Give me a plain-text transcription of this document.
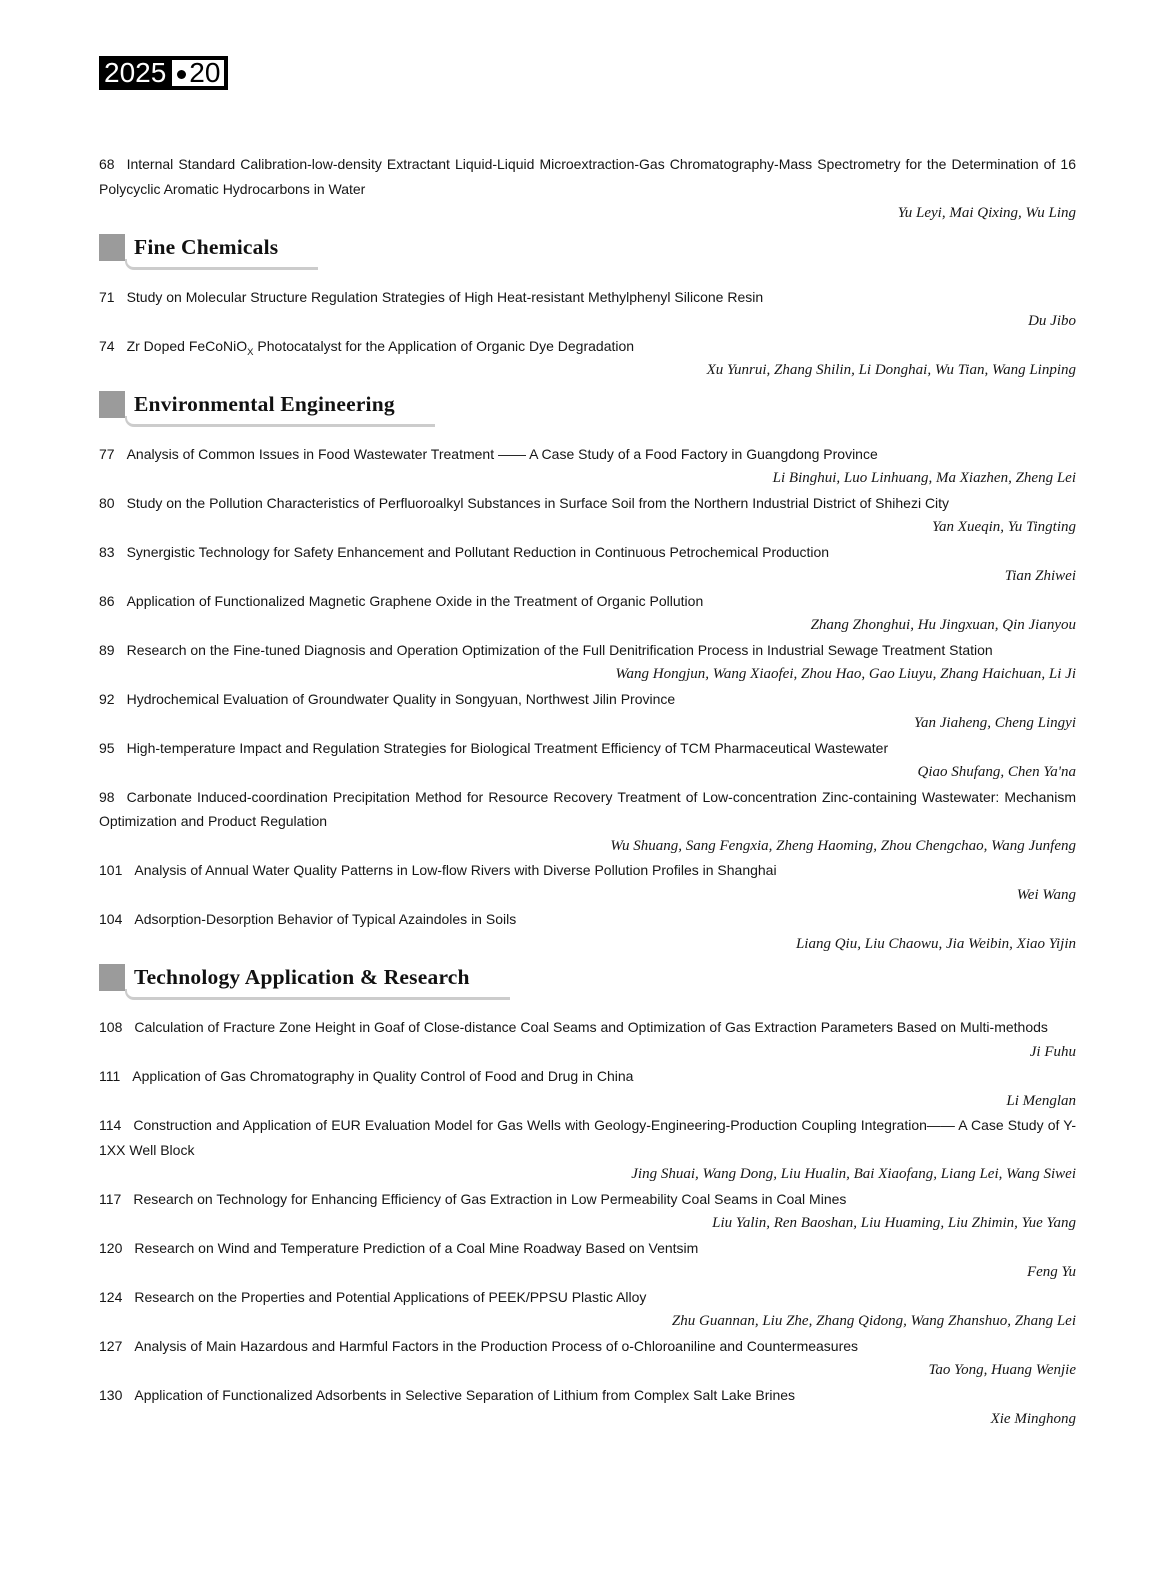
2025 20

68 Internal Standard Calibration-low-density Extractant Liquid-Liquid Microextraction-Gas Chromatography-Mass Spectrometry for the Determination of 16 Polycyclic Aromatic Hydrocarbons in Water

Yu Leyi, Mai Qixing, Wu Ling

Fine Chemicals

71 Study on Molecular Structure Regulation Strategies of High Heat-resistant Methylphenyl Silicone Resin

Du Jibo

74 Zr Doped FeCoNiO$_X$ Photocatalyst for the Application of Organic Dye Degradation

Xu Yunrui, Zhang Shilin, Li Donghai, Wu Tian, Wang Linping

Environmental Engineering

77 Analysis of Common Issues in Food Wastewater Treatment —— A Case Study of a Food Factory in Guangdong Province

Li Binghui, Luo Linhuang, Ma Xiazhen, Zheng Lei

80 Study on the Pollution Characteristics of Perfluoroalkyl Substances in Surface Soil from the Northern Industrial District of Shihezi City

Yan Xueqin, Yu Tingting

83 Synergistic Technology for Safety Enhancement and Pollutant Reduction in Continuous Petrochemical Production

Tian Zhiwei

86 Application of Functionalized Magnetic Graphene Oxide in the Treatment of Organic Pollution

Zhang Zhonghui, Hu Jingxuan, Qin Jianyou

89 Research on the Fine-tuned Diagnosis and Operation Optimization of the Full Denitrification Process in Industrial Sewage Treatment Station

Wang Hongjun, Wang Xiaofei, Zhou Hao, Gao Liuyu, Zhang Haichuan, Li Ji

92 Hydrochemical Evaluation of Groundwater Quality in Songyuan, Northwest Jilin Province

Yan Jiaheng, Cheng Lingyi

95 High-temperature Impact and Regulation Strategies for Biological Treatment Efficiency of TCM Pharmaceutical Wastewater

Qiao Shufang, Chen Ya'na

98 Carbonate Induced-coordination Precipitation Method for Resource Recovery Treatment of Low-concentration Zinc-containing Wastewater: Mechanism Optimization and Product Regulation

Wu Shuang, Sang Fengxia, Zheng Haoming, Zhou Chengchao, Wang Junfeng

101 Analysis of Annual Water Quality Patterns in Low-flow Rivers with Diverse Pollution Profiles in Shanghai

Wei Wang

104 Adsorption-Desorption Behavior of Typical Azaindoles in Soils

Liang Qiu, Liu Chaowu, Jia Weibin, Xiao Yijin

Technology Application & Research

108 Calculation of Fracture Zone Height in Goaf of Close-distance Coal Seams and Optimization of Gas Extraction Parameters Based on Multi-methods

Ji Fuhu

111 Application of Gas Chromatography in Quality Control of Food and Drug in China

Li Menglan

114 Construction and Application of EUR Evaluation Model for Gas Wells with Geology-Engineering-Production Coupling Integration—— A Case Study of Y-1XX Well Block

Jing Shuai, Wang Dong, Liu Hualin, Bai Xiaofang, Liang Lei, Wang Siwei

117 Research on Technology for Enhancing Efficiency of Gas Extraction in Low Permeability Coal Seams in Coal Mines

Liu Yalin, Ren Baoshan, Liu Huaming, Liu Zhimin, Yue Yang

120 Research on Wind and Temperature Prediction of a Coal Mine Roadway Based on Ventsim

Feng Yu

124 Research on the Properties and Potential Applications of PEEK/PPSU Plastic Alloy

Zhu Guannan, Liu Zhe, Zhang Qidong, Wang Zhanshuo, Zhang Lei

127 Analysis of Main Hazardous and Harmful Factors in the Production Process of o-Chloroaniline and Countermeasures

Tao Yong, Huang Wenjie

130 Application of Functionalized Adsorbents in Selective Separation of Lithium from Complex Salt Lake Brines

Xie Minghong
